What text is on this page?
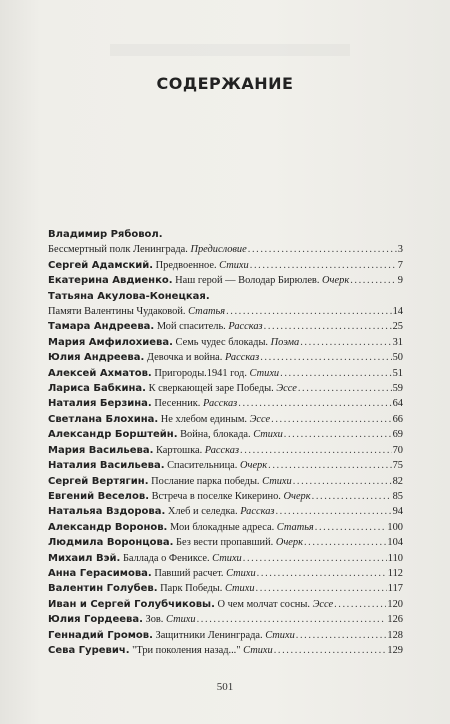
СОДЕРЖАНИЕ
Владимир Рябовол.
Бессмертный полк Ленинграда. Предисловие . . .	3
Сергей Адамский. Предвоенное. Стихи . . .	7
Екатерина Авдиенко. Наш герой — Володар Бирюлев. Очерк . . .	9
Татьяна Акулова-Конецкая.
Памяти Валентины Чудаковой. Статья . . .	14
Тамара Андреева. Мой спаситель. Рассказ . . .	25
Мария Амфилохиева. Семь чудес блокады. Поэма . . .	31
Юлия Андреева. Девочка и война. Рассказ . . .	50
Алексей Ахматов. Пригороды.1941 год. Стихи . . .	51
Лариса Бабкина. К сверкающей заре Победы. Эссе . . .	59
Наталия Берзина. Песенник. Рассказ . . .	64
Светлана Блохина. Не хлебом единым. Эссе . . .	66
Александр Борштейн. Война, блокада. Стихи . . .	69
Мария Васильева. Картошка. Рассказ . . .	70
Наталия Васильева. Спасительница. Очерк . . .	75
Сергей Вертягин. Послание парка победы. Стихи . . .	82
Евгений Веселов. Встреча в поселке Кикерино. Очерк . . .	85
Натальяа Вздорова. Хлеб и селедка. Рассказ . . .	94
Александр Воронов. Мои блокадные адреса. Статья . . .	100
Людмила Воронцова. Без вести пропавший. Очерк . . .	104
Михаил Вэй. Баллада о Фениксе. Стихи . . .	110
Анна Герасимова. Павший расчет. Стихи . . .	112
Валентин Голубев. Парк Победы. Стихи . . .	117
Иван и Сергей Голубчиковы. О чем молчат сосны. Эссе . . .	120
Юлия Гордеева. Зов. Стихи . . .	126
Геннадий Громов. Защитники Ленинграда. Стихи . . .	128
Сева Гуревич. "Три поколения назад..." Стихи . . .	129
501
